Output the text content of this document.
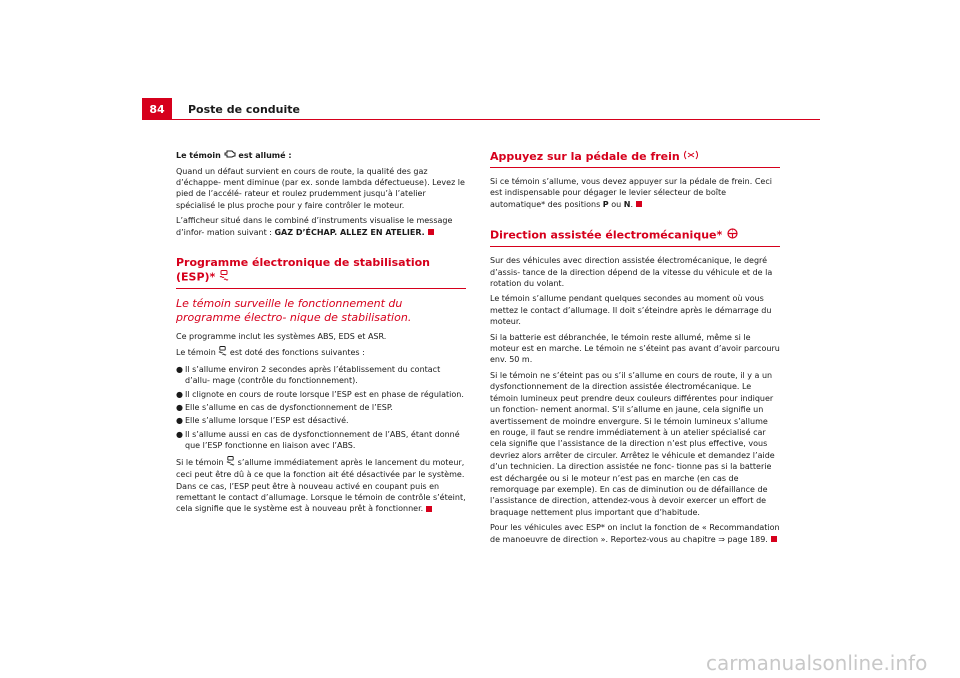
84	Poste de conduite

Le témoin est allumé :

Quand un défaut survient en cours de route, la qualité des gaz d’échappe- ment diminue (par ex. sonde lambda défectueuse). Levez le pied de l’accélé- rateur et roulez prudemment jusqu’à l’atelier spécialisé le plus proche pour y faire contrôler le moteur.

L’afficheur situé dans le combiné d’instruments visualise le message d’infor- mation suivant : GAZ D’ÉCHAP. ALLEZ EN ATELIER.

Programme électronique de stabilisation (ESP)*

Le témoin surveille le fonctionnement du programme électro- nique de stabilisation.

Ce programme inclut les systèmes ABS, EDS et ASR.

Le témoin est doté des fonctions suivantes :

● Il s’allume environ 2 secondes après l’établissement du contact d’allu- mage (contrôle du fonctionnement).
● Il clignote en cours de route lorsque l’ESP est en phase de régulation.
● Elle s’allume en cas de dysfonctionnement de l’ESP.
● Elle s’allume lorsque l’ESP est désactivé.
● Il s’allume aussi en cas de dysfonctionnement de l’ABS, étant donné que l’ESP fonctionne en liaison avec l’ABS.

Si le témoin s’allume immédiatement après le lancement du moteur, ceci peut être dû à ce que la fonction ait été désactivée par le système. Dans ce cas, l’ESP peut être à nouveau activé en coupant puis en remettant le contact d’allumage. Lorsque le témoin de contrôle s’éteint, cela signifie que le système est à nouveau prêt à fonctionner.

Appuyez sur la pédale de frein

Si ce témoin s’allume, vous devez appuyer sur la pédale de frein. Ceci est indispensable pour dégager le levier sélecteur de boîte automatique* des positions P ou N.

Direction assistée électromécanique*	!

Sur des véhicules avec direction assistée électromécanique, le degré d’assis- tance de la direction dépend de la vitesse du véhicule et de la rotation du volant.

Le témoin s’allume pendant quelques secondes au moment où vous mettez le contact d’allumage. Il doit s’éteindre après le démarrage du moteur.

Si la batterie est débranchée, le témoin reste allumé, même si le moteur est en marche. Le témoin ne s’éteint pas avant d’avoir parcouru env. 50 m.

Si le témoin ne s’éteint pas ou s’il s’allume en cours de route, il y a un dysfonctionnement de la direction assistée électromécanique. Le témoin lumineux peut prendre deux couleurs différentes pour indiquer un fonction- nement anormal. S’il s’allume en jaune, cela signifie un avertissement de moindre envergure. Si le témoin lumineux s’allume en rouge, il faut se rendre immédiatement à un atelier spécialisé car cela signifie que l’assistance de la direction n’est plus effective, vous devriez alors arrêter de circuler. Arrêtez le véhicule et demandez l’aide d’un technicien. La direction assistée ne fonc- tionne pas si la batterie est déchargée ou si le moteur n’est pas en marche (en cas de remorquage par exemple). En cas de diminution ou de défaillance de l’assistance de direction, attendez-vous à devoir exercer un effort de braquage nettement plus important que d’habitude.

Pour les véhicules avec ESP* on inclut la fonction de « Recommandation de manoeuvre de direction ». Reportez-vous au chapitre ⇒ page 189.

carmanualsonline.info
